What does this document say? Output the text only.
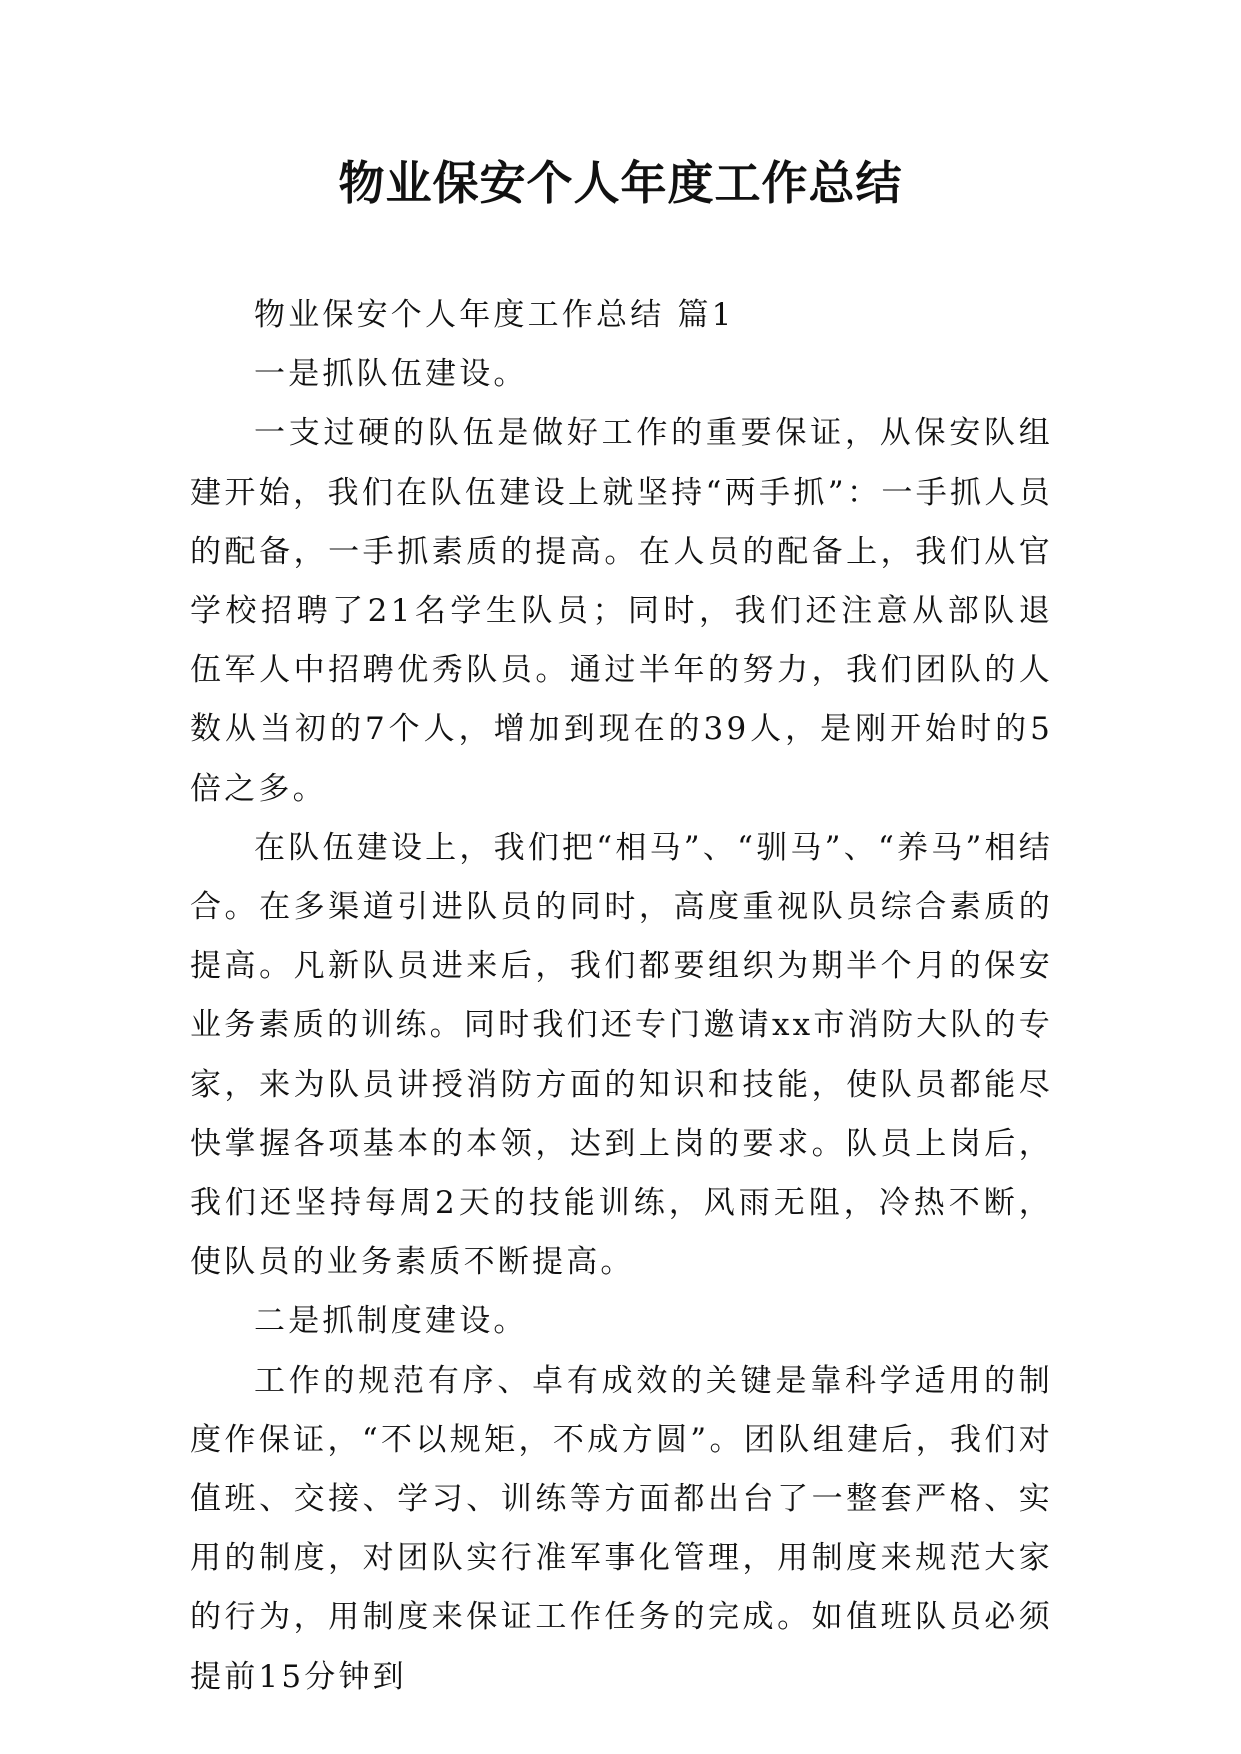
物业保安个人年度工作总结

物业保安个人年度工作总结 篇1

一是抓队伍建设。

一支过硬的队伍是做好工作的重要保证，从保安队组建开始，我们在队伍建设上就坚持“两手抓”：一手抓人员的配备，一手抓素质的提高。在人员的配备上，我们从官学校招聘了21名学生队员；同时，我们还注意从部队退伍军人中招聘优秀队员。通过半年的努力，我们团队的人数从当初的7个人，增加到现在的39人，是刚开始时的5倍之多。

在队伍建设上，我们把“相马”、“驯马”、“养马”相结合。在多渠道引进队员的同时，高度重视队员综合素质的提高。凡新队员进来后，我们都要组织为期半个月的保安业务素质的训练。同时我们还专门邀请xx市消防大队的专家，来为队员讲授消防方面的知识和技能，使队员都能尽快掌握各项基本的本领，达到上岗的要求。队员上岗后，我们还坚持每周2天的技能训练，风雨无阻，冷热不断，使队员的业务素质不断提高。

二是抓制度建设。

工作的规范有序、卓有成效的关键是靠科学适用的制度作保证，“不以规矩，不成方圆”。团队组建后，我们对值班、交接、学习、训练等方面都出台了一整套严格、实用的制度，对团队实行准军事化管理，用制度来规范大家的行为，用制度来保证工作任务的完成。如值班队员必须提前15分钟到
